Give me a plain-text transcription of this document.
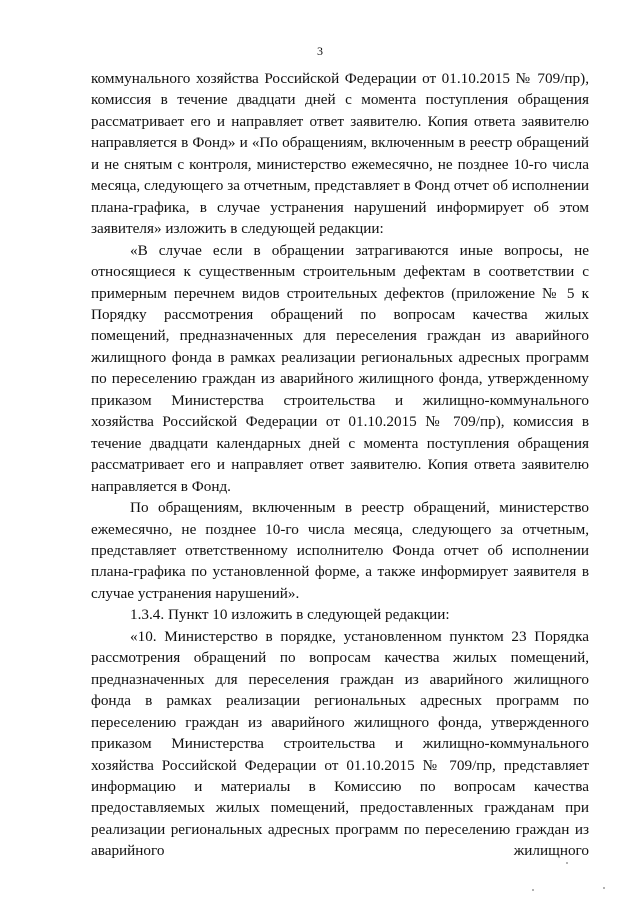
3

коммунального хозяйства Российской Федерации от 01.10.2015 № 709/пр), комиссия в течение двадцати дней с момента поступления обращения рассматривает его и направляет ответ заявителю. Копия ответа заявителю направляется в Фонд» и «По обращениям, включенным в реестр обращений и не снятым с контроля, министерство ежемесячно, не позднее 10-го числа месяца, следующего за отчетным, представляет в Фонд отчет об исполнении плана-графика, в случае устранения нарушений информирует об этом заявителя» изложить в следующей редакции:

«В случае если в обращении затрагиваются иные вопросы, не относящиеся к существенным строительным дефектам в соответствии с примерным перечнем видов строительных дефектов (приложение № 5 к Порядку рассмотрения обращений по вопросам качества жилых помещений, предназначенных для переселения граждан из аварийного жилищного фонда в рамках реализации региональных адресных программ по переселению граждан из аварийного жилищного фонда, утвержденному приказом Министерства строительства и жилищно-коммунального хозяйства Российской Федерации от 01.10.2015 № 709/пр), комиссия в течение двадцати календарных дней с момента поступления обращения рассматривает его и направляет ответ заявителю. Копия ответа заявителю направляется в Фонд.

По обращениям, включенным в реестр обращений, министерство ежемесячно, не позднее 10-го числа месяца, следующего за отчетным, представляет ответственному исполнителю Фонда отчет об исполнении плана-графика по установленной форме, а также информирует заявителя в случае устранения нарушений».

1.3.4. Пункт 10 изложить в следующей редакции:

«10. Министерство в порядке, установленном пунктом 23 Порядка рассмотрения обращений по вопросам качества жилых помещений, предназначенных для переселения граждан из аварийного жилищного фонда в рамках реализации региональных адресных программ по переселению граждан из аварийного жилищного фонда, утвержденного приказом Министерства строительства и жилищно-коммунального хозяйства Российской Федерации от 01.10.2015 № 709/пр, представляет информацию и материалы в Комиссию по вопросам качества предоставляемых жилых помещений, предоставленных гражданам при реализации региональных адресных программ по переселению граждан из аварийного жилищного
